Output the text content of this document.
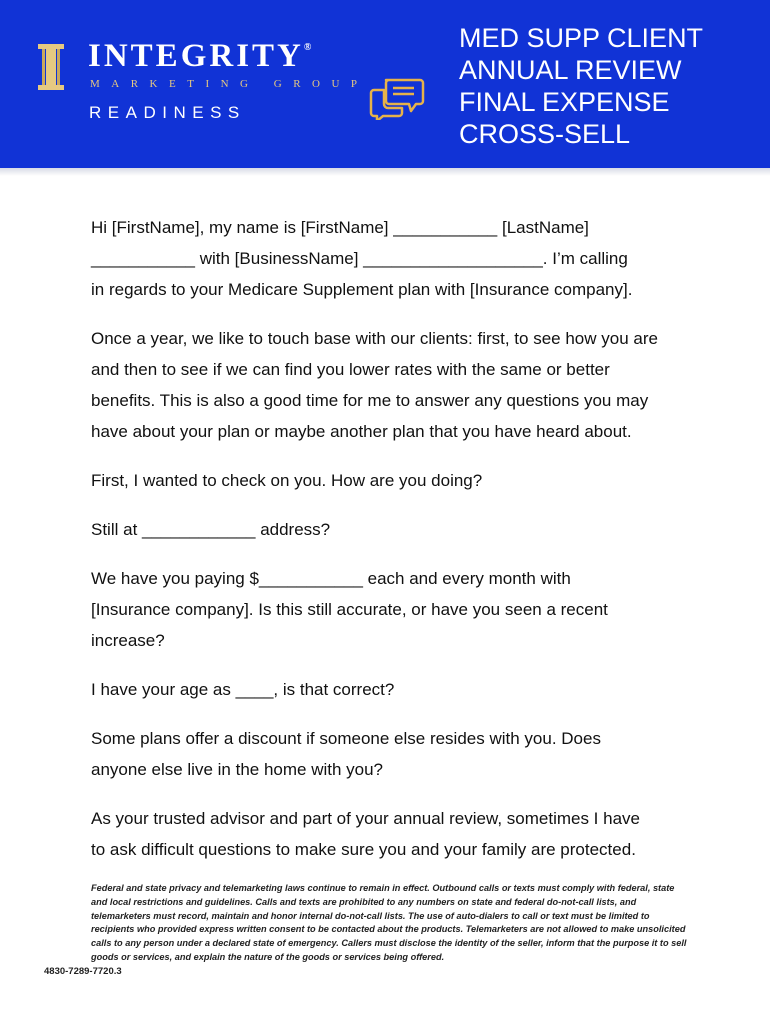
INTEGRITY®
MARKETING GROUP
READINESS
MED SUPP CLIENT
ANNUAL REVIEW
FINAL EXPENSE
CROSS-SELL

Hi [FirstName], my name is [FirstName] ___________ [LastName]
___________ with [BusinessName] ___________________. I’m calling
in regards to your Medicare Supplement plan with [Insurance company].

Once a year, we like to touch base with our clients: first, to see how you are
and then to see if we can find you lower rates with the same or better
benefits. This is also a good time for me to answer any questions you may
have about your plan or maybe another plan that you have heard about.

First, I wanted to check on you. How are you doing?

Still at ____________ address?

We have you paying $___________ each and every month with
[Insurance company]. Is this still accurate, or have you seen a recent
increase?

I have your age as ____, is that correct?

Some plans offer a discount if someone else resides with you. Does
anyone else live in the home with you?

As your trusted advisor and part of your annual review, sometimes I have
to ask difficult questions to make sure you and your family are protected.

Federal and state privacy and telemarketing laws continue to remain in effect. Outbound calls or texts must comply with federal, state and local restrictions and guidelines. Calls and texts are prohibited to any numbers on state and federal do-not-call lists, and telemarketers must record, maintain and honor internal do-not-call lists. The use of auto-dialers to call or text must be limited to recipients who provided express written consent to be contacted about the products. Telemarketers are not allowed to make unsolicited calls to any person under a declared state of emergency. Callers must disclose the identity of the seller, inform that the purpose it to sell goods or services, and explain the nature of the goods or services being offered.
4830-7289-7720.3
